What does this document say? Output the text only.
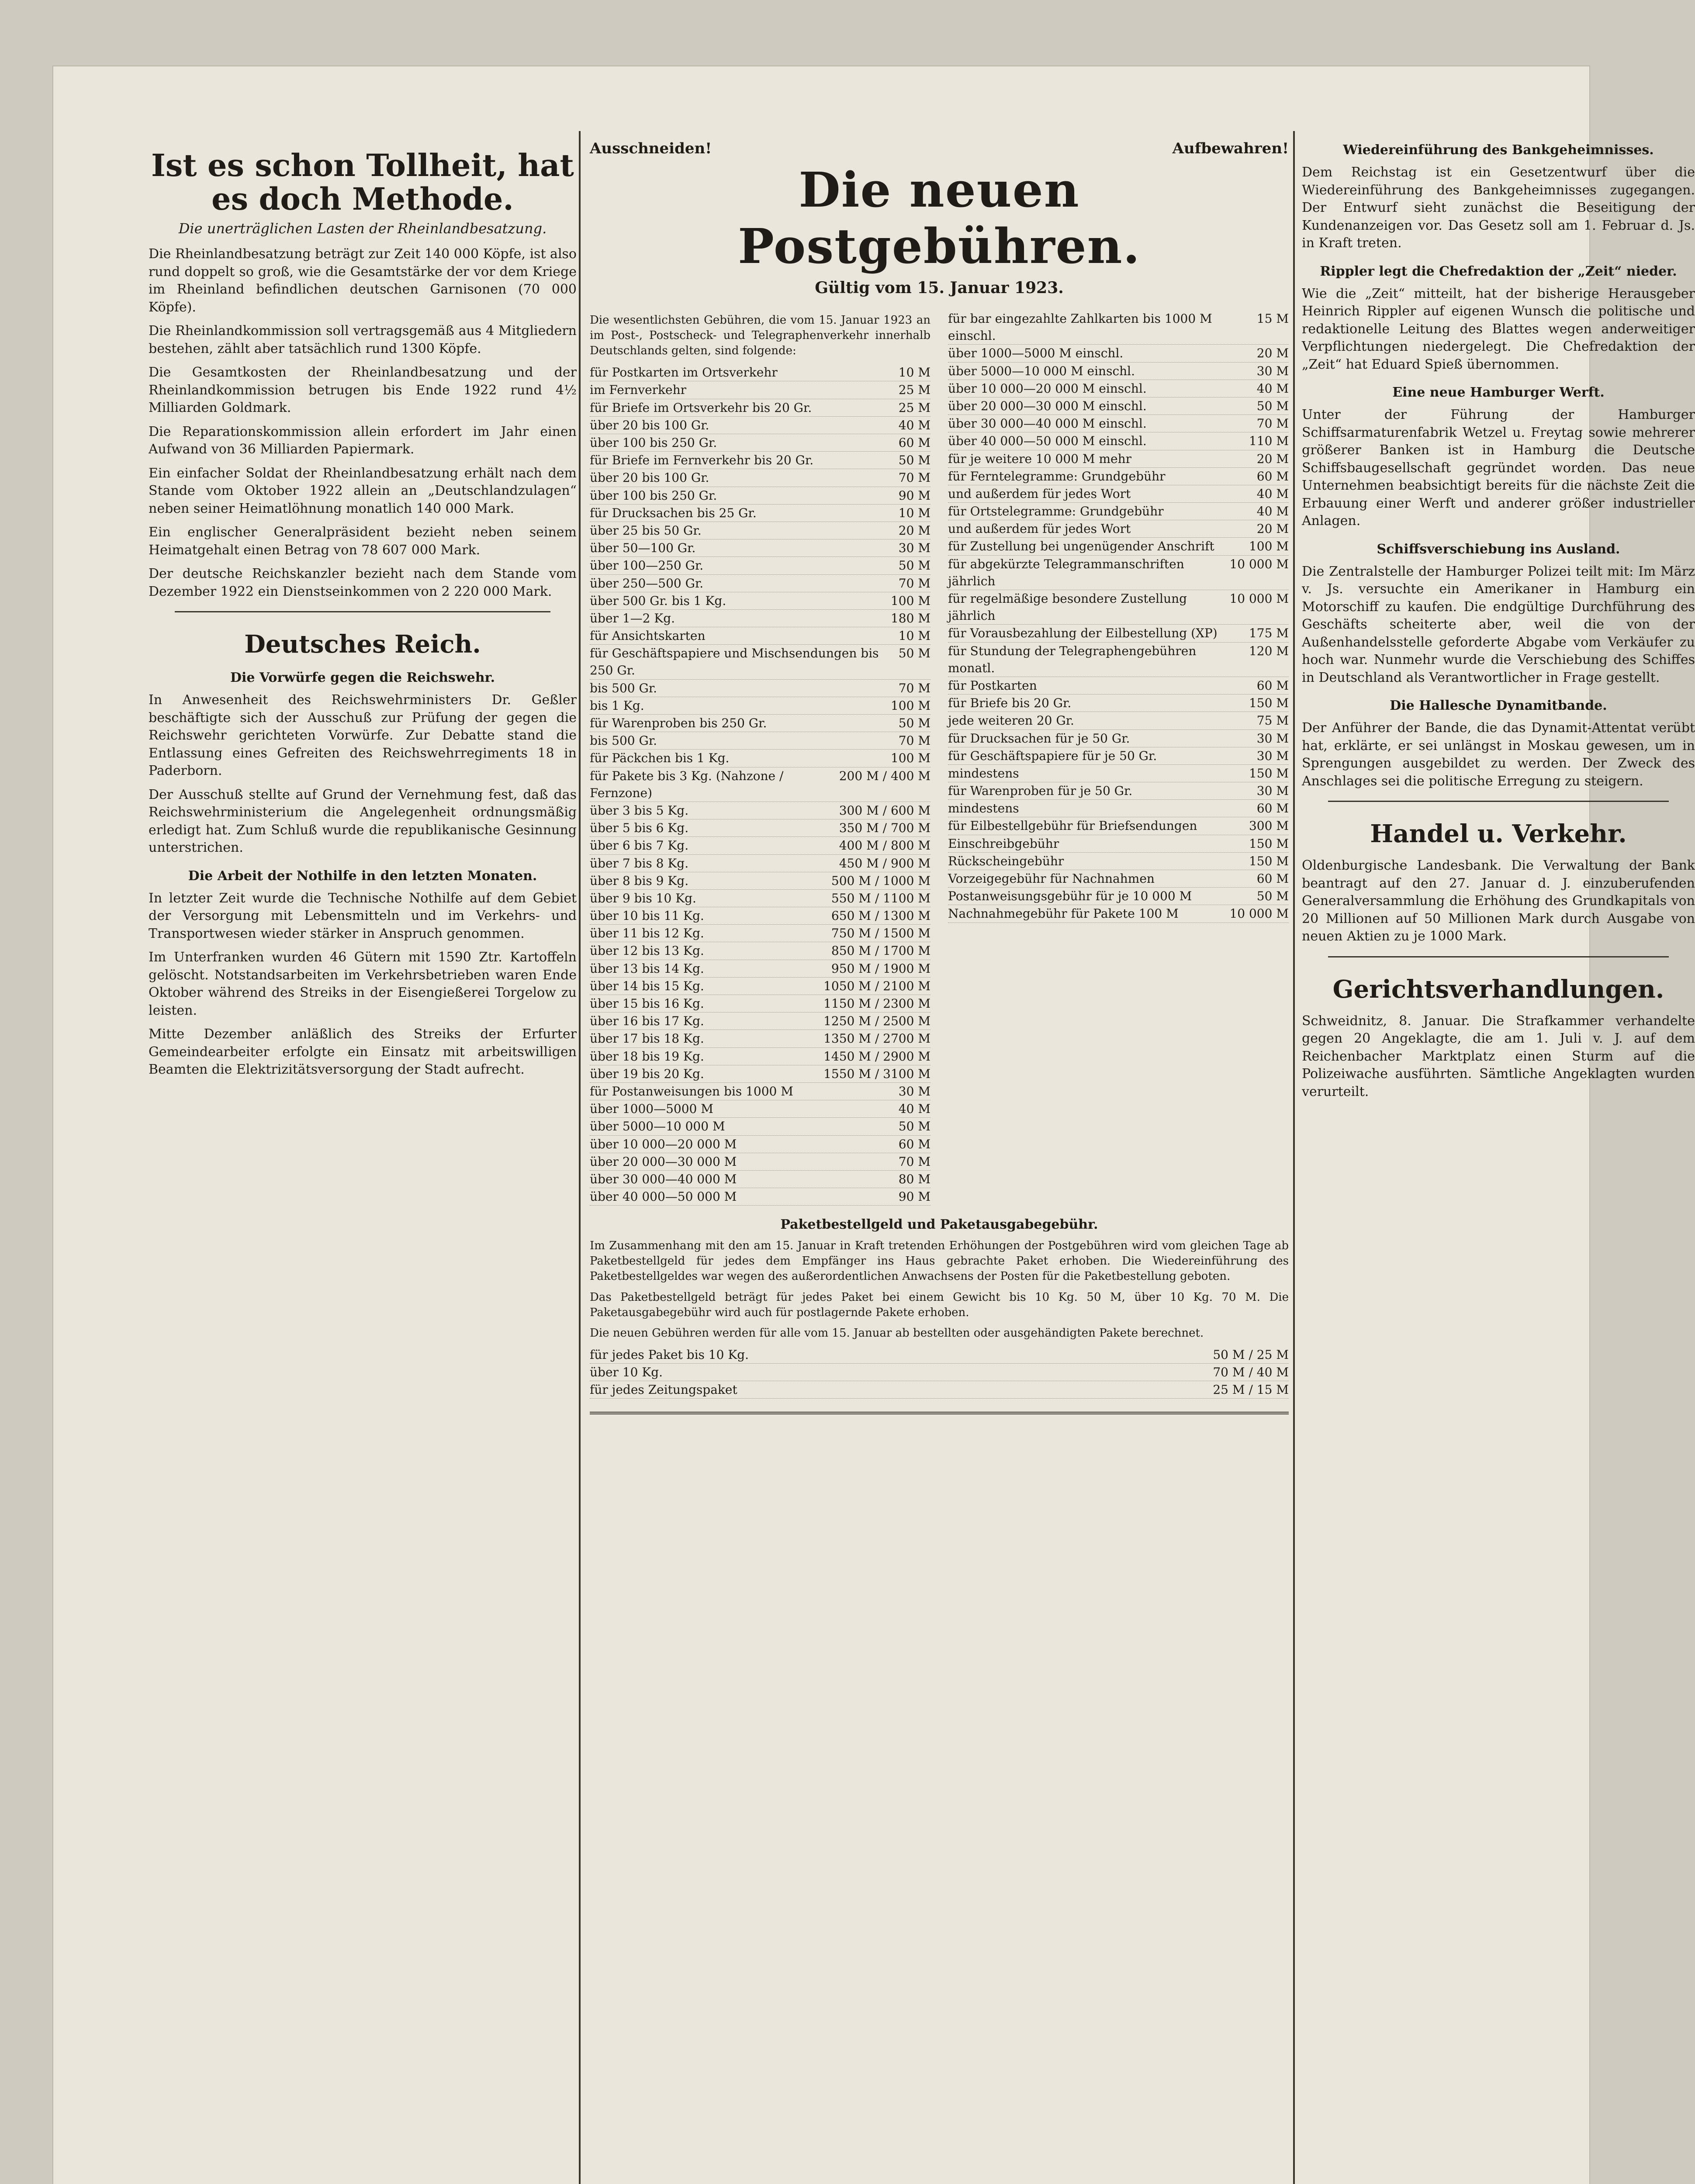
Ist es schon Tollheit, hat es doch Methode.
Die unerträglichen Lasten der Rheinlandbesatzung.

Die Rheinlandbesatzung beträgt zur Zeit 140 000 Köpfe, ist also rund doppelt so groß, wie die Gesamtstärke der vor dem Kriege im Rheinland befindlichen deutschen Garnisonen (70 000 Köpfe).

Die Rheinlandkommission soll vertragsgemäß aus 4 Mitgliedern bestehen, zählt aber tatsächlich rund 1300 Köpfe.

Die Gesamtkosten der Rheinlandbesatzung und der Rheinlandkommission betrugen bis Ende 1922 rund 4½ Milliarden Goldmark.

Die Reparationskommission allein erfordert im Jahr einen Aufwand von 36 Milliarden Papiermark.

Ein einfacher Soldat der Rheinlandbesatzung erhält nach dem Stande vom Oktober 1922 allein an „Deutschlandzulagen“ neben seiner Heimatlöhnung monatlich 140 000 Mark.

Ein englischer Generalpräsident bezieht neben seinem Heimatgehalt einen Betrag von 78 607 000 Mark.

Der deutsche Reichskanzler bezieht nach dem Stande vom Dezember 1922 ein Dienstseinkommen von 2 220 000 Mark.

Deutsches Reich.
Die Vorwürfe gegen die Reichswehr.

In Anwesenheit des Reichswehrministers Dr. Geßler beschäftigte sich der Ausschuß zur Prüfung der gegen die Reichswehr gerichteten Vorwürfe. Zur Debatte stand die Entlassung eines Gefreiten des Reichswehrregiments 18 in Paderborn.

Der Ausschuß stellte auf Grund der Vernehmung fest, daß das Reichswehrministerium die Angelegenheit ordnungsmäßig erledigt hat. Zum Schluß wurde die republikanische Gesinnung unterstrichen.

Die Arbeit der Nothilfe in den letzten Monaten.

In letzter Zeit wurde die Technische Nothilfe auf dem Gebiet der Versorgung mit Lebensmitteln und im Verkehrs- und Transportwesen wieder stärker in Anspruch genommen.

Im Unterfranken wurden 46 Gütern mit 1590 Ztr. Kartoffeln gelöscht. Notstandsarbeiten im Verkehrsbetrieben waren Ende Oktober während des Streiks in der Eisengießerei Torgelow zu leisten.

Mitte Dezember anläßlich des Streiks der Erfurter Gemeindearbeiter erfolgte ein Einsatz mit arbeitswilligen Beamten die Elektrizitätsversorgung der Stadt aufrecht.

Ausschneiden!	Aufbewahren!
Die neuen Postgebühren.
Gültig vom 15. Januar 1923.

Die wesentlichsten Gebühren, die vom 15. Januar 1923 an im Post-, Postscheck- und Telegraphenverkehr innerhalb Deutschlands gelten, sind folgende:

für Postkarten im Ortsverkehr	10 M
im Fernverkehr	25 M
für Briefe im Ortsverkehr bis 20 Gr.	25 M
über 20 bis 100 Gr.	40 M
über 100 bis 250 Gr.	60 M
für Briefe im Fernverkehr bis 20 Gr.	50 M
über 20 bis 100 Gr.	70 M
über 100 bis 250 Gr.	90 M
für Drucksachen bis 25 Gr.	10 M
über 25 bis 50 Gr.	20 M
über 50—100 Gr.	30 M
über 100—250 Gr.	50 M
über 250—500 Gr.	70 M
über 500 Gr. bis 1 Kg.	100 M
über 1—2 Kg.	180 M
für Ansichtskarten	10 M
für Geschäftspapiere und Mischsendungen bis 250 Gr.
50 M
bis 500 Gr.	70 M
bis 1 Kg.	100 M
für Warenproben bis 250 Gr.	50 M
bis 500 Gr.	70 M
für Päckchen bis 1 Kg.	100 M
für Pakete bis 3 Kg. (Nahzone / Fernzone)
200 M / 400 M
über 3 bis 5 Kg.	300 M / 600 M
über 5 bis 6 Kg.	350 M / 700 M
über 6 bis 7 Kg.	400 M / 800 M
über 7 bis 8 Kg.	450 M / 900 M
über 8 bis 9 Kg.	500 M / 1000 M
über 9 bis 10 Kg.	550 M / 1100 M
über 10 bis 11 Kg.	650 M / 1300 M
über 11 bis 12 Kg.	750 M / 1500 M
über 12 bis 13 Kg.	850 M / 1700 M
über 13 bis 14 Kg.	950 M / 1900 M
über 14 bis 15 Kg.	1050 M / 2100 M
über 15 bis 16 Kg.	1150 M / 2300 M
über 16 bis 17 Kg.	1250 M / 2500 M
über 17 bis 18 Kg.	1350 M / 2700 M
über 18 bis 19 Kg.	1450 M / 2900 M
über 19 bis 20 Kg.	1550 M / 3100 M
für Postanweisungen bis 1000 M	30 M
über 1000—5000 M	40 M
über 5000—10 000 M	50 M
über 10 000—20 000 M	60 M
über 20 000—30 000 M	70 M
über 30 000—40 000 M	80 M
über 40 000—50 000 M	90 M
für bar eingezahlte Zahlkarten bis 1000 M einschl.
15 M
über 1000—5000 M einschl.	20 M
über 5000—10 000 M einschl.	30 M
über 10 000—20 000 M einschl.	40 M
über 20 000—30 000 M einschl.	50 M
über 30 000—40 000 M einschl.	70 M
über 40 000—50 000 M einschl.	110 M
für je weitere 10 000 M mehr	20 M
für Ferntelegramme: Grundgebühr	60 M
und außerdem für jedes Wort	40 M
für Ortstelegramme: Grundgebühr	40 M
und außerdem für jedes Wort	20 M
für Zustellung bei ungenügender Anschrift	100 M
für abgekürzte Telegrammanschriften jährlich
10 000 M
für regelmäßige besondere Zustellung jährlich
10 000 M
für Vorausbezahlung der Eilbestellung (XP)	175 M
für Stundung der Telegraphengebühren monatl.
120 M
für Postkarten	60 M
für Briefe bis 20 Gr.	150 M
jede weiteren 20 Gr.	75 M
für Drucksachen für je 50 Gr.	30 M
für Geschäftspapiere für je 50 Gr.	30 M
mindestens	150 M
für Warenproben für je 50 Gr.	30 M
mindestens	60 M
für Eilbestellgebühr für Briefsendungen	300 M
Einschreibgebühr	150 M
Rückscheingebühr	150 M
Vorzeigegebühr für Nachnahmen	60 M
Postanweisungsgebühr für je 10 000 M	50 M
Nachnahmegebühr für Pakete 100 M	10 000 M
Paketbestellgeld und Paketausgabegebühr.

Im Zusammenhang mit den am 15. Januar in Kraft tretenden Erhöhungen der Postgebühren wird vom gleichen Tage ab Paketbestellgeld für jedes dem Empfänger ins Haus gebrachte Paket erhoben. Die Wiedereinführung des Paketbestellgeldes war wegen des außerordentlichen Anwachsens der Posten für die Paketbestellung geboten.

Das Paketbestellgeld beträgt für jedes Paket bei einem Gewicht bis 10 Kg. 50 M, über 10 Kg. 70 M. Die Paketausgabegebühr wird auch für postlagernde Pakete erhoben.

Die neuen Gebühren werden für alle vom 15. Januar ab bestellten oder ausgehändigten Pakete berechnet.

für jedes Paket bis 10 Kg.	50 M / 25 M
über 10 Kg.	70 M / 40 M
für jedes Zeitungspaket	25 M / 15 M
Wiedereinführung des Bankgeheimnisses.

Dem Reichstag ist ein Gesetzentwurf über die Wiedereinführung des Bankgeheimnisses zugegangen. Der Entwurf sieht zunächst die Beseitigung der Kundenanzeigen vor. Das Gesetz soll am 1. Februar d. Js. in Kraft treten.

Rippler legt die Chefredaktion der „Zeit“ nieder.

Wie die „Zeit“ mitteilt, hat der bisherige Herausgeber Heinrich Rippler auf eigenen Wunsch die politische und redaktionelle Leitung des Blattes wegen anderweitiger Verpflichtungen niedergelegt. Die Chefredaktion der „Zeit“ hat Eduard Spieß übernommen.

Eine neue Hamburger Werft.

Unter der Führung der Hamburger Schiffsarmaturenfabrik Wetzel u. Freytag sowie mehrerer größerer Banken ist in Hamburg die Deutsche Schiffsbaugesellschaft gegründet worden. Das neue Unternehmen beabsichtigt bereits für die nächste Zeit die Erbauung einer Werft und anderer größer industrieller Anlagen.

Schiffsverschiebung ins Ausland.

Die Zentralstelle der Hamburger Polizei teilt mit: Im März v. Js. versuchte ein Amerikaner in Hamburg ein Motorschiff zu kaufen. Die endgültige Durchführung des Geschäfts scheiterte aber, weil die von der Außenhandelsstelle geforderte Abgabe vom Verkäufer zu hoch war. Nunmehr wurde die Verschiebung des Schiffes in Deutschland als Verantwortlicher in Frage gestellt.

Die Hallesche Dynamitbande.

Der Anführer der Bande, die das Dynamit-Attentat verübt hat, erklärte, er sei unlängst in Moskau gewesen, um in Sprengungen ausgebildet zu werden. Der Zweck des Anschlages sei die politische Erregung zu steigern.

Handel u. Verkehr.

Oldenburgische Landesbank. Die Verwaltung der Bank beantragt auf den 27. Januar d. J. einzuberufenden Generalversammlung die Erhöhung des Grundkapitals von 20 Millionen auf 50 Millionen Mark durch Ausgabe von neuen Aktien zu je 1000 Mark.

Gerichtsverhandlungen.

Schweidnitz, 8. Januar. Die Strafkammer verhandelte gegen 20 Angeklagte, die am 1. Juli v. J. auf dem Reichenbacher Marktplatz einen Sturm auf die Polizeiwache ausführten. Sämtliche Angeklagten wurden verurteilt.
